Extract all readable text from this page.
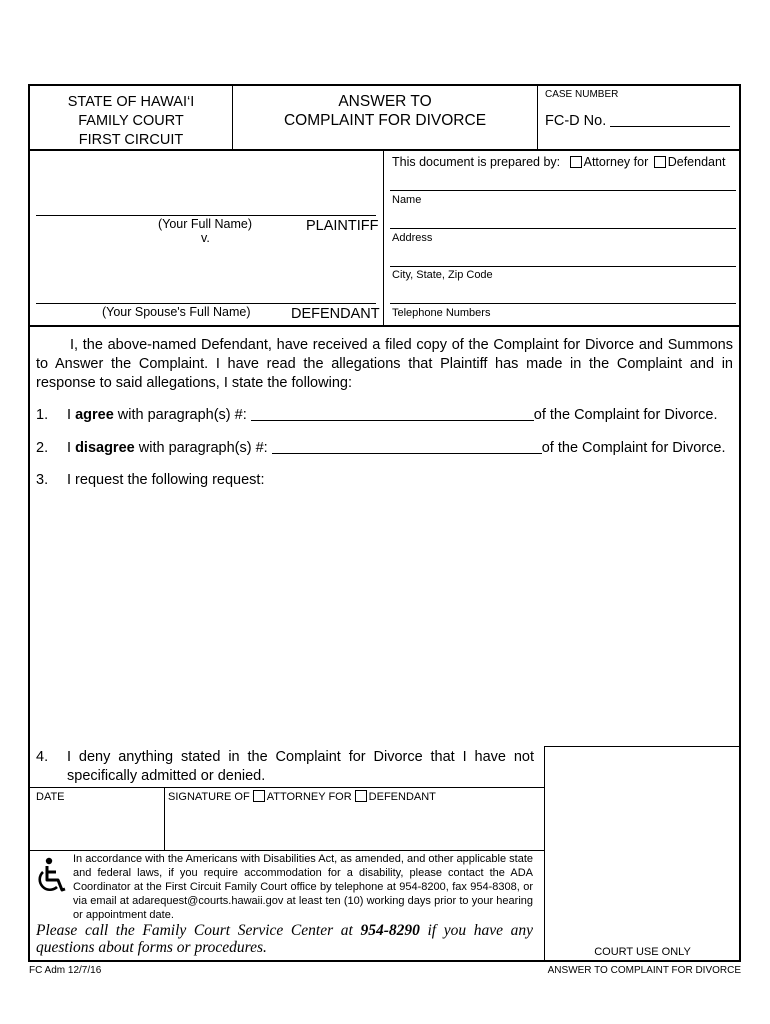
STATE OF HAWAI‘I
FAMILY COURT
FIRST CIRCUIT
ANSWER TO
COMPLAINT FOR DIVORCE
CASE NUMBER
FC-D No.
(Your Full Name)	PLAINTIFF
v.
(Your Spouse's Full Name)	DEFENDANT
This document is prepared by: Attorney for Defendant
Name
Address
City, State, Zip Code
Telephone Numbers
I, the above-named Defendant, have received a filed copy of the Complaint for Divorce and Summons to Answer the Complaint. I have read the allegations that Plaintiff has made in the Complaint and in response to said allegations, I state the following:
1. I agree with paragraph(s) #:	of the Complaint for Divorce.
2. I disagree with paragraph(s) #:	of the Complaint for Divorce.
3. I request the following request:
4. I deny anything stated in the Complaint for Divorce that I have not specifically admitted or denied.
COURT USE ONLY
DATE	SIGNATURE OF ATTORNEY FOR DEFENDANT
In accordance with the Americans with Disabilities Act, as amended, and other applicable state and federal laws, if you require accommodation for a disability, please contact the ADA Coordinator at the First Circuit Family Court office by telephone at 954-8200, fax 954-8308, or via email at adarequest@courts.hawaii.gov at least ten (10) working days prior to your hearing or appointment date.
Please call the Family Court Service Center at 954-8290 if you have any questions about forms or procedures.
FC Adm 12/7/16	ANSWER TO COMPLAINT FOR DIVORCE
